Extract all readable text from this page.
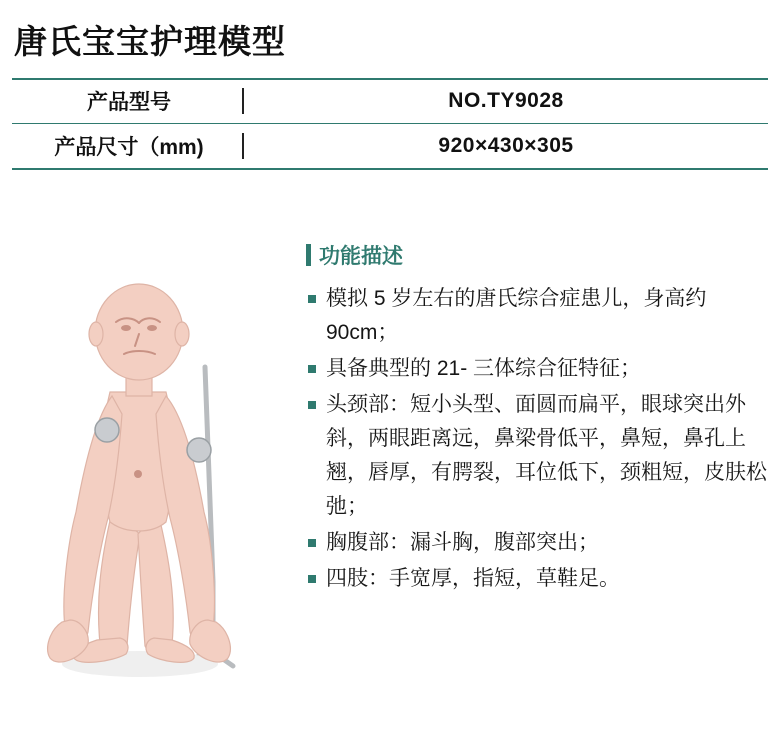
唐氏宝宝护理模型
产品型号	NO.TY9028
产品尺寸（mm)	920×430×305
功能描述
模拟 5 岁左右的唐氏综合症患儿，身高约 90cm；
具备典型的 21- 三体综合征特征；
头颈部：短小头型、面圆而扁平，眼球突出外斜，两眼距离远，鼻梁骨低平，鼻短，鼻孔上翘，唇厚，有腭裂，耳位低下，颈粗短，皮肤松弛；
胸腹部：漏斗胸，腹部突出；
四肢：手宽厚，指短，草鞋足。
